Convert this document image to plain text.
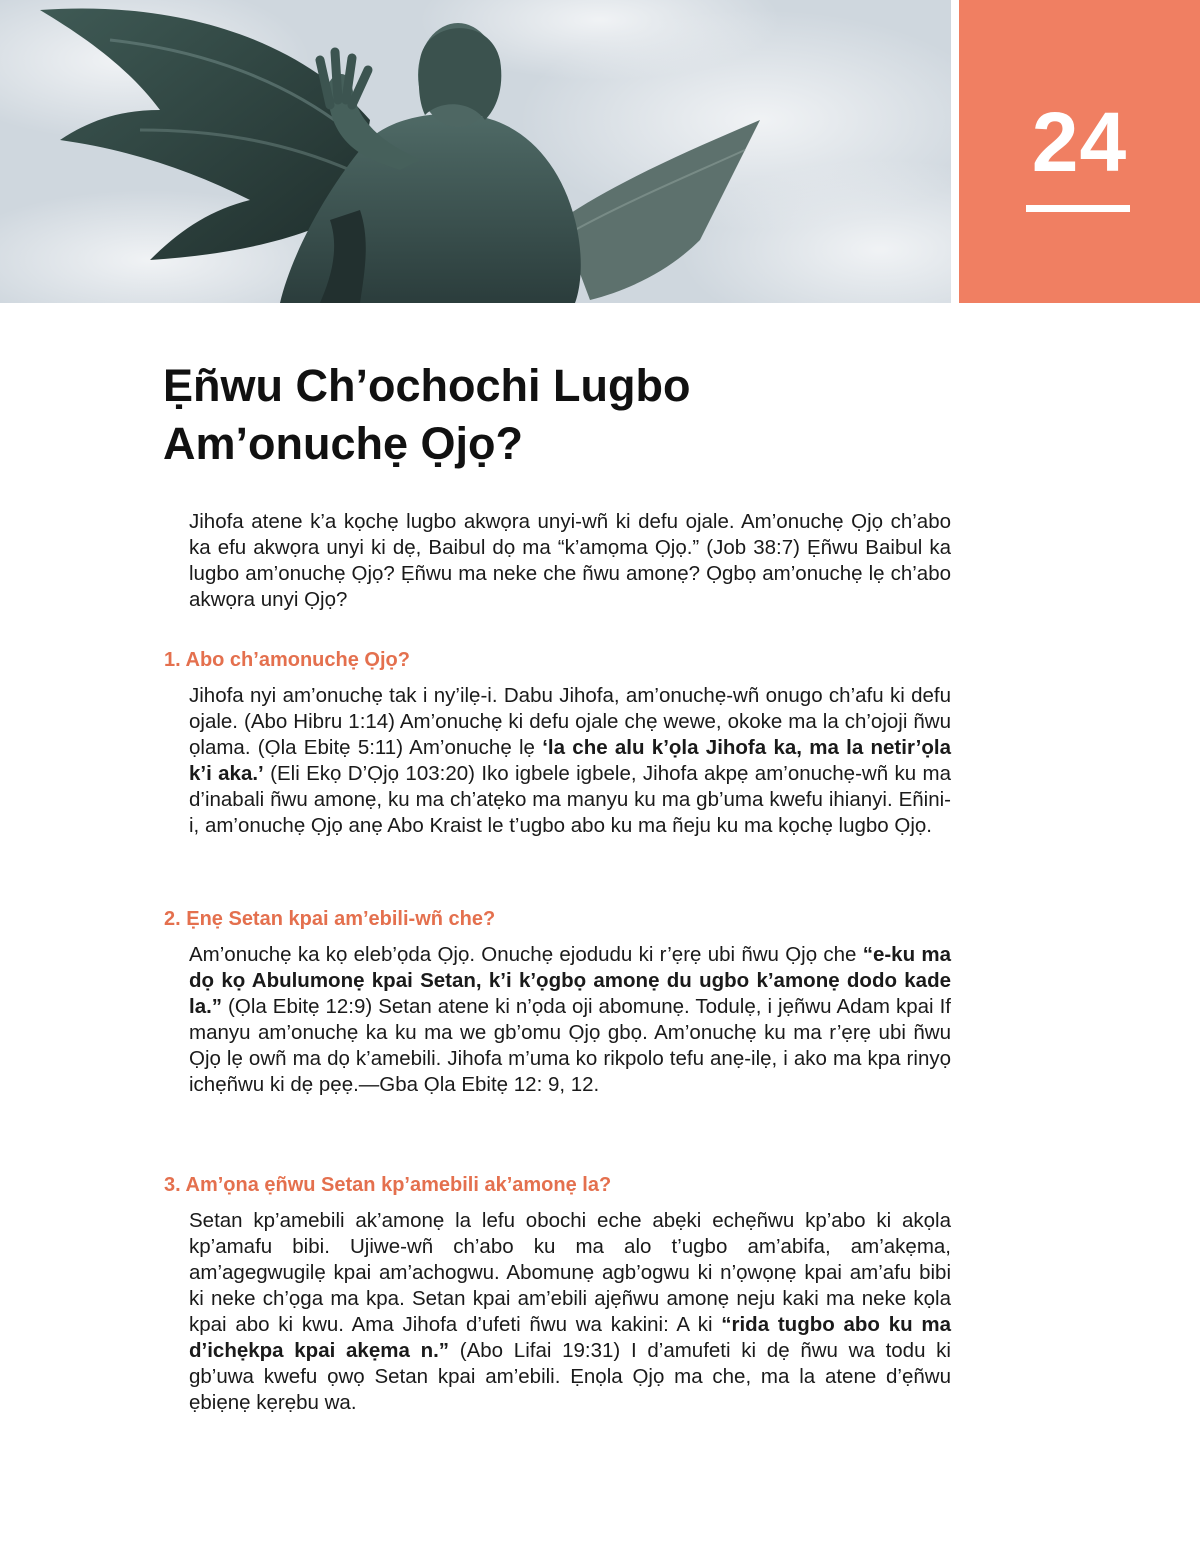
24
Ẹñwu Ch’ochochi Lugbo
Am’onuchẹ Ọjọ?

Jihofa atene k’a kọchẹ lugbo akwọra unyi-wñ ki defu ojale. Am’onuchẹ Ọjọ ch’abo ka efu akwọra unyi ki dẹ, Baibul dọ ma “k’amọma Ọjọ.” (Job 38:7) Ẹñwu Baibul ka lugbo am’onuchẹ Ọjọ? Ẹñwu ma neke che ñwu amonẹ? Ọgbọ am’onuchẹ lẹ ch’abo akwọra unyi Ọjọ?

1. Abo ch’amonuchẹ Ọjọ?

Jihofa nyi am’onuchẹ tak i ny’ilẹ-i. Dabu Jihofa, am’onuchẹ-wñ onugo ch’afu ki defu ojale. (Abo Hibru 1:14) Am’onuchẹ ki defu ojale chẹ wewe, okoke ma la ch’ojoji ñwu ọlama. (Ọla Ebitẹ 5:11) Am’onuchẹ lẹ ‘la che alu k’ọla Jihofa ka, ma la netir’ọla k’i aka.’ (Eli Ekọ D’Ọjọ 103:20) Iko igbele igbele, Jihofa akpẹ am’onuchẹ-wñ ku ma d’inabali ñwu amonẹ, ku ma ch’atẹko ma manyu ku ma gb’uma kwefu ihianyi. Eñini-i, am’onuchẹ Ọjọ anẹ Abo Kraist le t’ugbo abo ku ma ñeju ku ma kọchẹ lugbo Ọjọ.

2. Ẹnẹ Setan kpai am’ebili-wñ che?

Am’onuchẹ ka kọ eleb’ọda Ọjọ. Onuchẹ ejodudu ki r’ẹrẹ ubi ñwu Ọjọ che “e-ku ma dọ kọ Abulumonẹ kpai Setan, k’i k’ọgbọ amonẹ du ugbo k’amonẹ dodo kade la.” (Ọla Ebitẹ 12:9) Setan atene ki n’ọda oji abomunẹ. Todulẹ, i jẹñwu Adam kpai If manyu am’onuchẹ ka ku ma we gb’omu Ọjọ gbọ. Am’onuchẹ ku ma r’ẹrẹ ubi ñwu Ọjọ lẹ owñ ma dọ k’amebili. Jihofa m’uma ko rikpolo tefu anẹ-ilẹ, i ako ma kpa rinyọ ichẹñwu ki dẹ pẹẹ.—Gba Ọla Ebitẹ 12: 9, 12.

3. Am’ọna ẹñwu Setan kp’amebili ak’amonẹ la?

Setan kp’amebili ak’amonẹ la lefu obochi eche abẹki echẹñwu kp’abo ki akọla kp’amafu bibi. Ujiwe-wñ ch’abo ku ma alo t’ugbo am’abifa, am’akẹma, am’agegwugilẹ kpai am’achogwu. Abomunẹ agb’ogwu ki n’ọwọnẹ kpai am’afu bibi ki neke ch’ọga ma kpa. Setan kpai am’ebili ajẹñwu amonẹ neju kaki ma neke kọla kpai abo ki kwu. Ama Jihofa d’ufeti ñwu wa kakini: A ki “rida tugbo abo ku ma d’ichẹkpa kpai akẹma n.” (Abo Lifai 19:31) I d’amufeti ki dẹ ñwu wa todu ki gb’uwa kwefu ọwọ Setan kpai am’ebili. Ẹnọla Ọjọ ma che, ma la atene d’ẹñwu ẹbiẹnẹ kẹrẹbu wa.
